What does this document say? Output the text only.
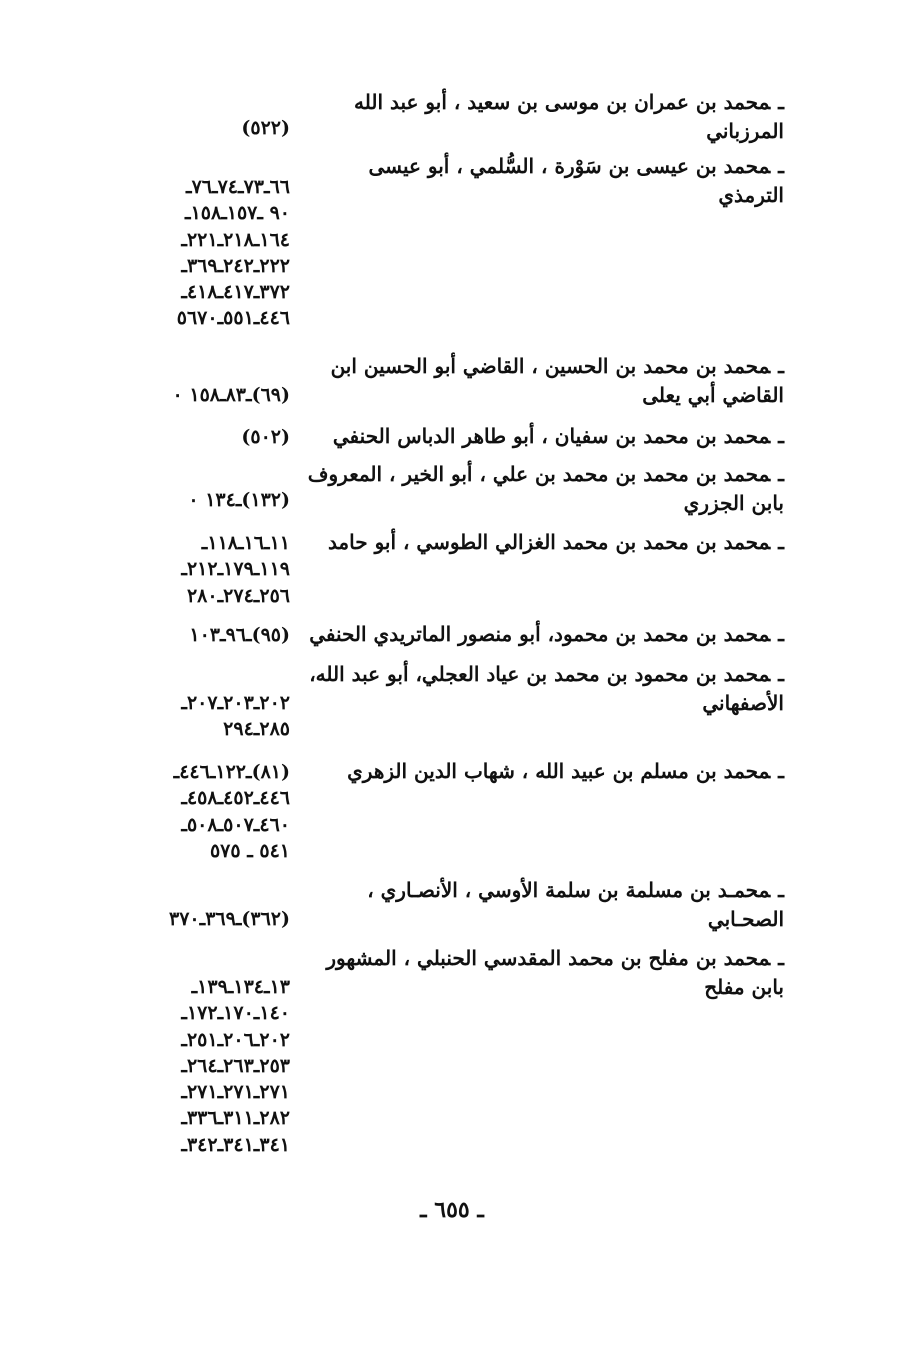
ـمحمد بن عمران بن موسى بن سعيد ، أبو عبد الله
المرزباني
(٥٢٢)
ـمحمد بن عيسى بن سَوْرة ، السُّلمي ، أبو عيسى
الترمذي
٦٦ـ٧٣ـ٧٤ـ٧٦ـ
٩٠ ـ١٥٧ـ١٥٨ـ
١٦٤ـ٢١٨ـ٢٢١ـ
٢٢٢ـ٢٤٢ـ٣٦٩ـ
٣٧٢ـ٤١٧ـ٤١٨ـ
٤٤٦ـ٥٥١ـ٥٦٧٠
ـمحمد بن محمد بن الحسين ، القاضي أبو الحسين ابن
القاضي أبي يعلى
(٦٩)ـ٨٣ـ١٥٨ ٠
ـمحمد بن محمد بن سفيان ، أبو طاهر الدباس الحنفي
(٥٠٢)
ـمحمد بن محمد بن محمد بن علي ، أبو الخير ، المعروف
بابن الجزري
(١٣٢)ـ١٣٤ ٠
ـمحمد بن محمد بن محمد الغزالي الطوسي ، أبو حامد
١١ـ١٦ـ١١٨ـ
١١٩ـ١٧٩ـ٢١٢ـ
٢٥٦ـ٢٧٤ـ٢٨٠
ـمحمد بن محمد بن محمود، أبو منصور الماتريدي الحنفي
(٩٥)ـ٩٦ـ١٠٣
ـمحمد بن محمود بن محمد بن عياد العجلي، أبو عبد الله،
الأصفهاني
٢٠٢ـ٢٠٣ـ٢٠٧ـ
٢٨٥ـ٢٩٤
ـمحمد بن مسلم بن عبيد الله ، شهاب الدين الزهري
(٨١)ـ١٢٢ـ٤٤٦ـ
٤٤٦ـ٤٥٢ـ٤٥٨ـ
٤٦٠ـ٥٠٧ـ٥٠٨ـ
٥٤١ ـ ٥٧٥
ـمحمـد بن مسلمة بن سلمة الأوسي ، الأنصـاري ،
الصحـابي
(٣٦٢)ـ٣٦٩ـ٣٧٠
ـمحمد بن مفلح بن محمد المقدسي الحنبلي ، المشهور
بابن مفلح
١٣ـ١٣٤ـ١٣٩ـ
١٤٠ـ١٧٠ـ١٧٢ـ
٢٠٢ـ٢٠٦ـ٢٥١ـ
٢٥٣ـ٢٦٣ـ٢٦٤ـ
٢٧١ـ٢٧١ـ٢٧١ـ
٢٨٢ـ٣١١ـ٣٣٦ـ
٣٤١ـ٣٤١ـ٣٤٢ـ
ـ ٦٥٥ ـ
